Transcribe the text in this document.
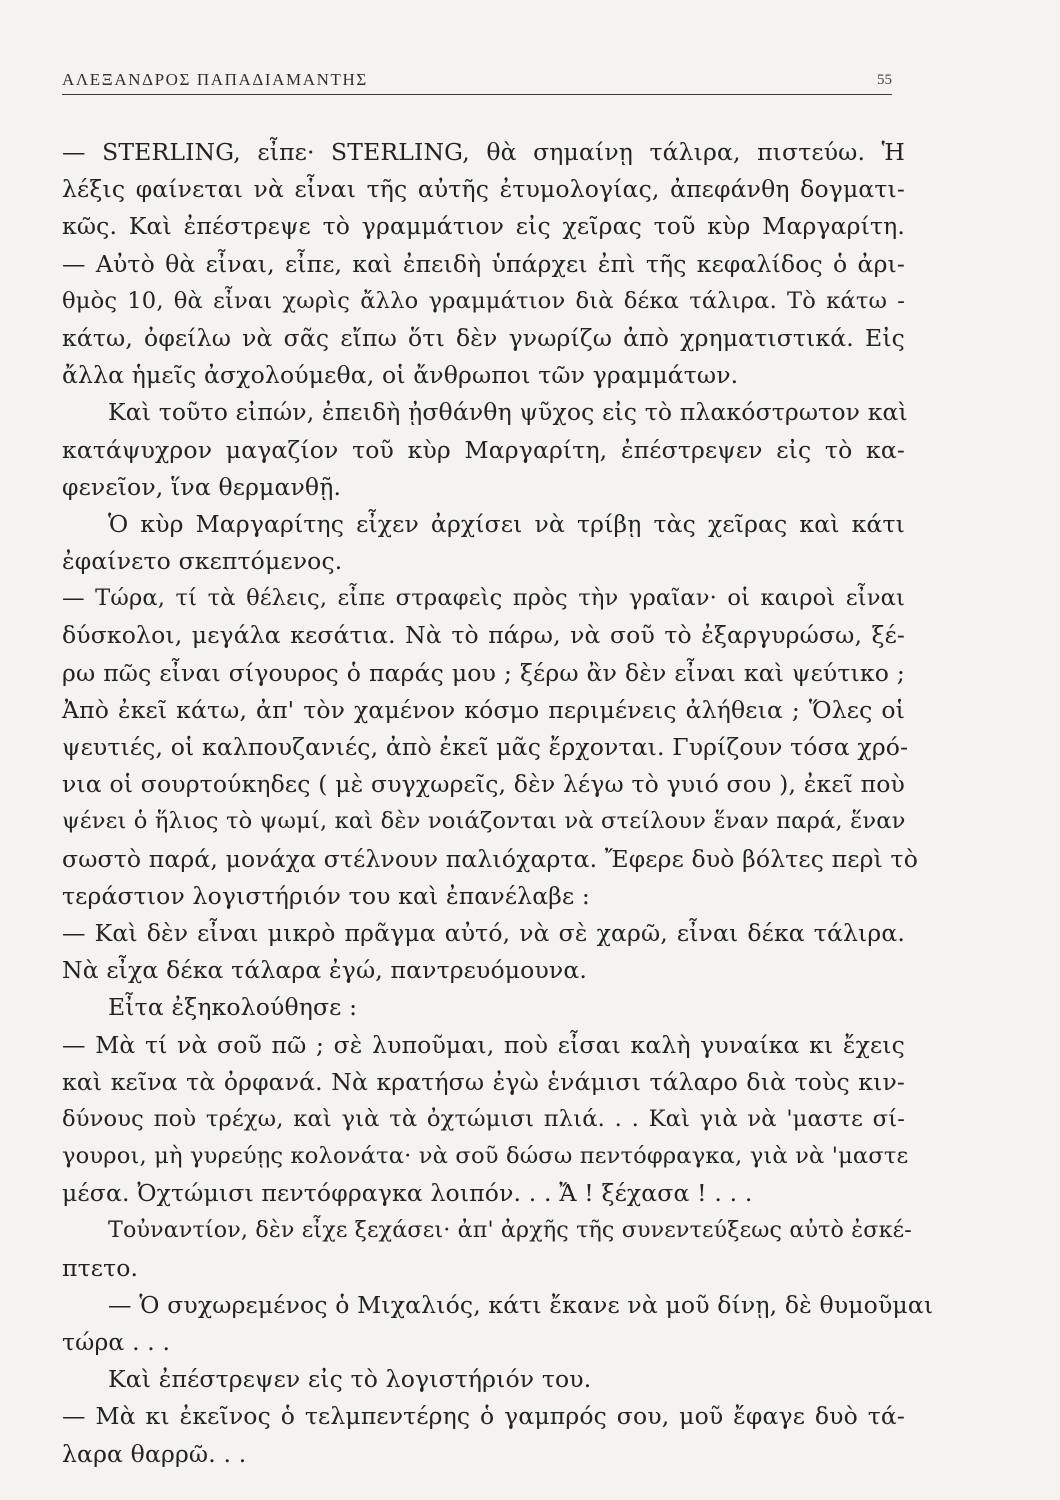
ΑΛΕΞΑΝΔΡΟΣ ΠΑΠΑΔΙΑΜΑΝΤΗΣ	55
— STERLING, εἶπε· STERLING, θὰ σημαίνῃ τάλιρα, πιστεύω. Ἡ
λέξις φαίνεται νὰ εἶναι τῆς αὐτῆς ἐτυμολογίας, ἀπεφάνθη δογματι-
κῶς. Καὶ ἐπέστρεψε τὸ γραμμάτιον εἰς χεῖρας τοῦ κὺρ Μαργαρίτη.
— Αὐτὸ θὰ εἶναι, εἶπε, καὶ ἐπειδὴ ὑπάρχει ἐπὶ τῆς κεφαλίδος ὁ ἀρι-
θμὸς 10, θὰ εἶναι χωρὶς ἄλλο γραμμάτιον διὰ δέκα τάλιρα. Τὸ κάτω -
κάτω, ὀφείλω νὰ σᾶς εἴπω ὅτι δὲν γνωρίζω ἀπὸ χρηματιστικά. Εἰς
ἄλλα ἡμεῖς ἀσχολούμεθα, οἱ ἄνθρωποι τῶν γραμμάτων.
Καὶ τοῦτο εἰπών, ἐπειδὴ ᾐσθάνθη ψῦχος εἰς τὸ πλακόστρωτον καὶ
κατάψυχρον μαγαζίον τοῦ κὺρ Μαργαρίτη, ἐπέστρεψεν εἰς τὸ κα-
φενεῖον, ἵνα θερμανθῇ.
Ὁ κὺρ Μαργαρίτης εἶχεν ἀρχίσει νὰ τρίβῃ τὰς χεῖρας καὶ κάτι
ἐφαίνετο σκεπτόμενος.
— Τώρα, τί τὰ θέλεις, εἶπε στραφεὶς πρὸς τὴν γραῖαν· οἱ καιροὶ εἶναι
δύσκολοι, μεγάλα κεσάτια. Νὰ τὸ πάρω, νὰ σοῦ τὸ ἐξαργυρώσω, ξέ-
ρω πῶς εἶναι σίγουρος ὁ παράς μου ; ξέρω ἂν δὲν εἶναι καὶ ψεύτικο ;
Ἀπὸ ἐκεῖ κάτω, ἀπ' τὸν χαμένον κόσμο περιμένεις ἀλήθεια ; Ὅλες οἱ
ψευτιές, οἱ καλπουζανιές, ἀπὸ ἐκεῖ μᾶς ἔρχονται. Γυρίζουν τόσα χρό-
νια οἱ σουρτούκηδες ( μὲ συγχωρεῖς, δὲν λέγω τὸ γυιό σου ), ἐκεῖ ποὺ
ψένει ὁ ἥλιος τὸ ψωμί, καὶ δὲν νοιάζονται νὰ στείλουν ἕναν παρά, ἕναν
σωστὸ παρά, μονάχα στέλνουν παλιόχαρτα. Ἔφερε δυὸ βόλτες περὶ τὸ
τεράστιον λογιστήριόν του καὶ ἐπανέλαβε :
— Καὶ δὲν εἶναι μικρὸ πρᾶγμα αὐτό, νὰ σὲ χαρῶ, εἶναι δέκα τάλιρα.
Νὰ εἶχα δέκα τάλαρα ἐγώ, παντρευόμουνα.
Εἶτα ἐξηκολούθησε :
— Μὰ τί νὰ σοῦ πῶ ; σὲ λυποῦμαι, ποὺ εἶσαι καλὴ γυναίκα κι ἔχεις
καὶ κεῖνα τὰ ὀρφανά. Νὰ κρατήσω ἐγὼ ἑνάμισι τάλαρο διὰ τοὺς κιν-
δύνους ποὺ τρέχω, καὶ γιὰ τὰ ὀχτώμισι πλιά. . . Καὶ γιὰ νὰ 'μαστε σί-
γουροι, μὴ γυρεύῃς κολονάτα· νὰ σοῦ δώσω πεντόφραγκα, γιὰ νὰ 'μαστε
μέσα. Ὀχτώμισι πεντόφραγκα λοιπόν. . . Ἄ ! ξέχασα ! . . .
Τοὐναντίον, δὲν εἶχε ξεχάσει· ἀπ' ἀρχῆς τῆς συνεντεύξεως αὐτὸ ἐσκέ-
πτετο.
— Ὁ συχωρεμένος ὁ Μιχαλιός, κάτι ἔκανε νὰ μοῦ δίνῃ, δὲ θυμοῦμαι
τώρα . . .
Καὶ ἐπέστρεψεν εἰς τὸ λογιστήριόν του.
— Μὰ κι ἐκεῖνος ὁ τελμπεντέρης ὁ γαμπρός σου, μοῦ ἔφαγε δυὸ τά-
λαρα θαρρῶ. . .
